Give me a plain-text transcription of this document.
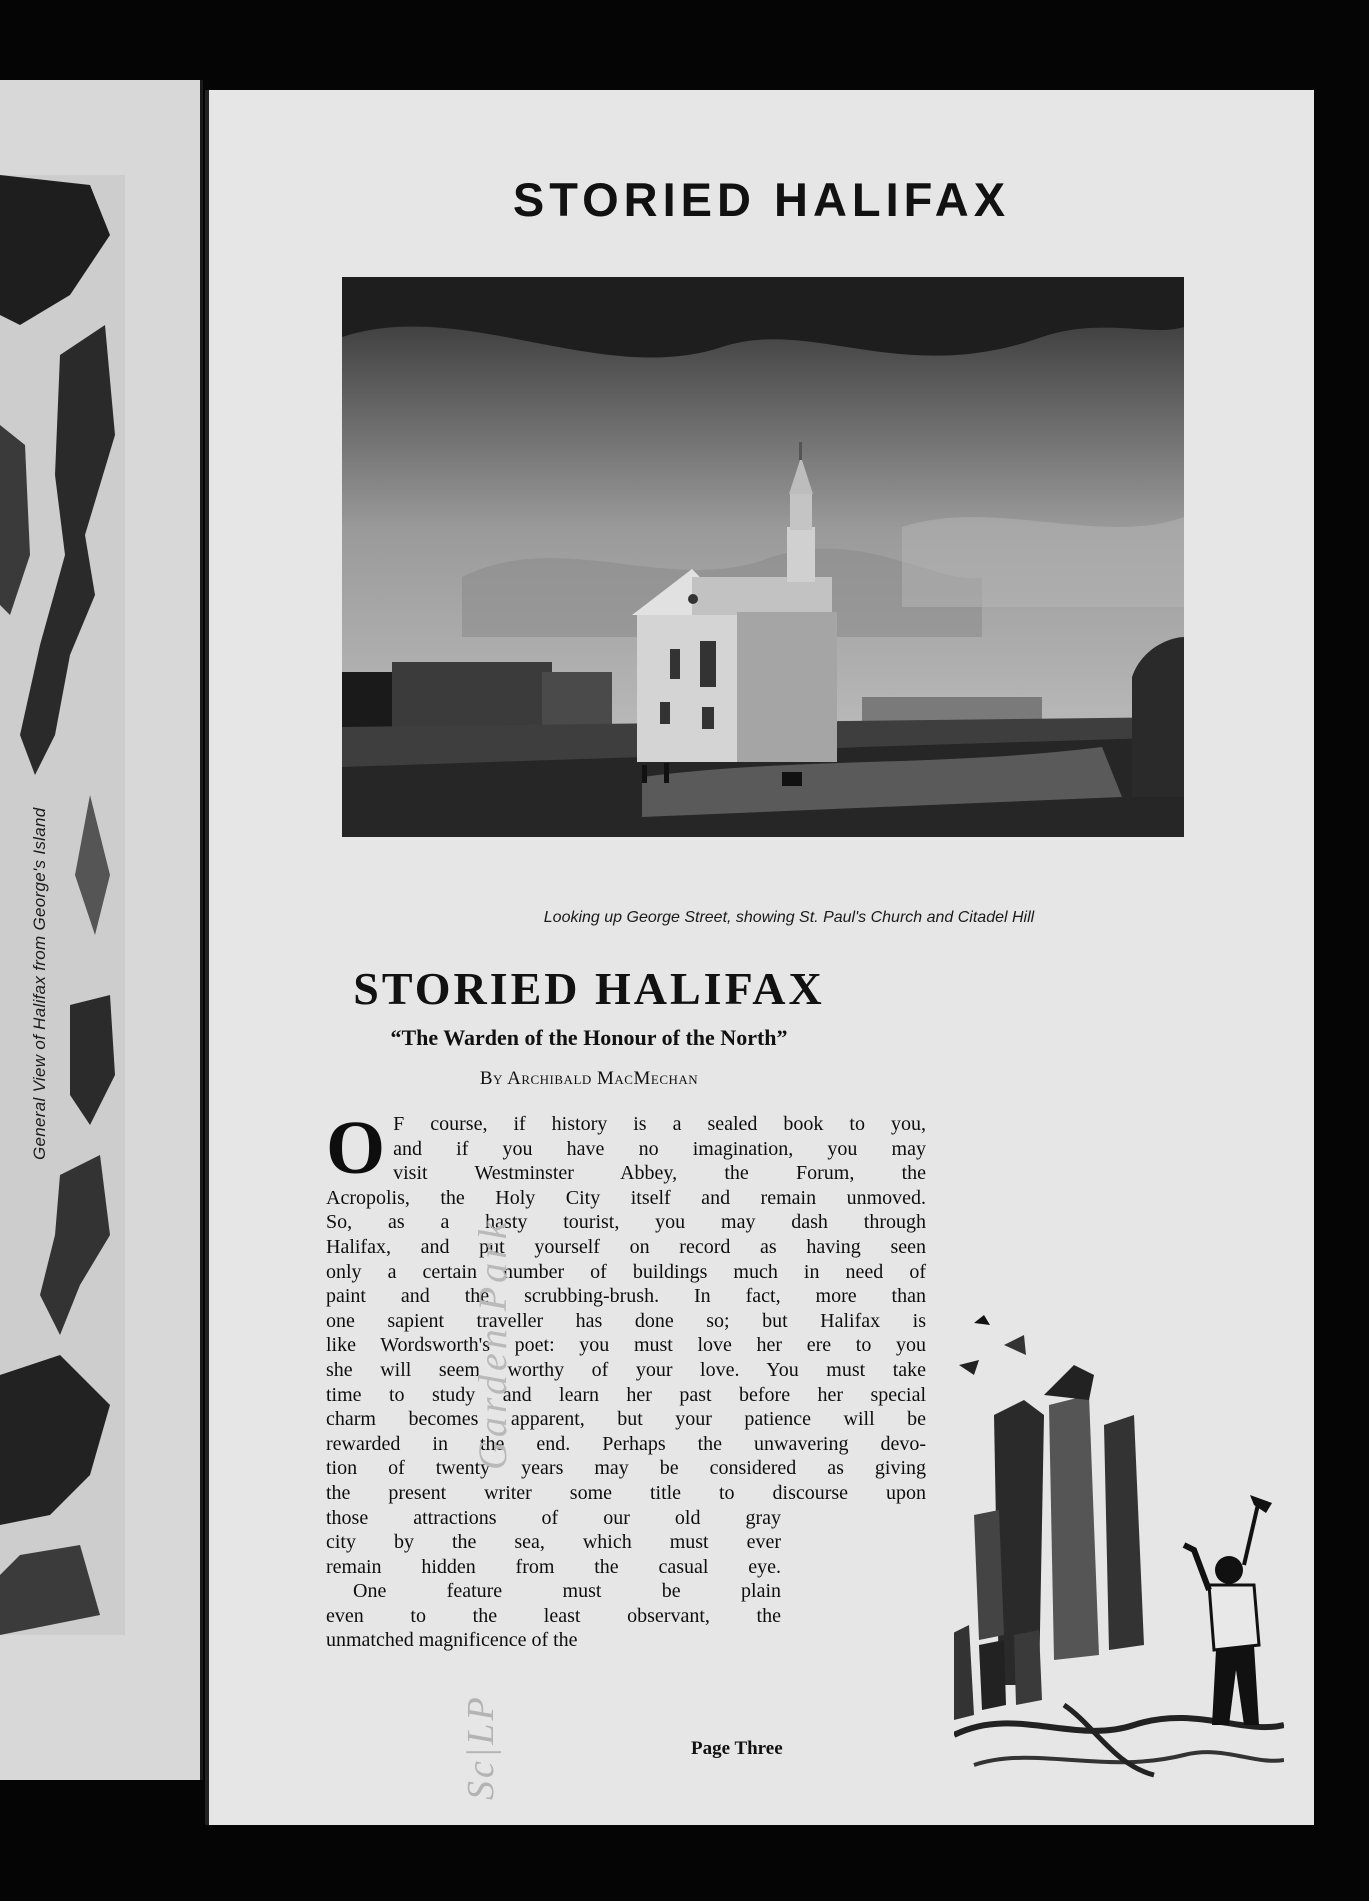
General View of Halifax from George's Island
STORIED HALIFAX
Looking up George Street, showing St. Paul's Church and Citadel Hill
STORIED HALIFAX
“The Warden of the Honour of the North”
By Archibald MacMechan
O F course, if history is a sealed book to you,
and if you have no imagination, you may
visit Westminster Abbey, the Forum, the
Acropolis, the Holy City itself and remain unmoved.
So, as a hasty tourist, you may dash through
Halifax, and put yourself on record as having seen
only a certain number of buildings much in need of
paint and the scrubbing-brush. In fact, more than
one sapient traveller has done so; but Halifax is
like Wordsworth's poet: you must love her ere to you
she will seem worthy of your love. You must take
time to study and learn her past before her special
charm becomes apparent, but your patience will be
rewarded in the end. Perhaps the unwavering devo-
tion of twenty years may be considered as giving
the present writer some title to discourse upon
those attractions of our old gray
city by the sea, which must ever
remain hidden from the casual eye.
One feature must be plain
even to the least observant, the
unmatched magnificence of the
Page Three
Garden Park
Sc|LP
